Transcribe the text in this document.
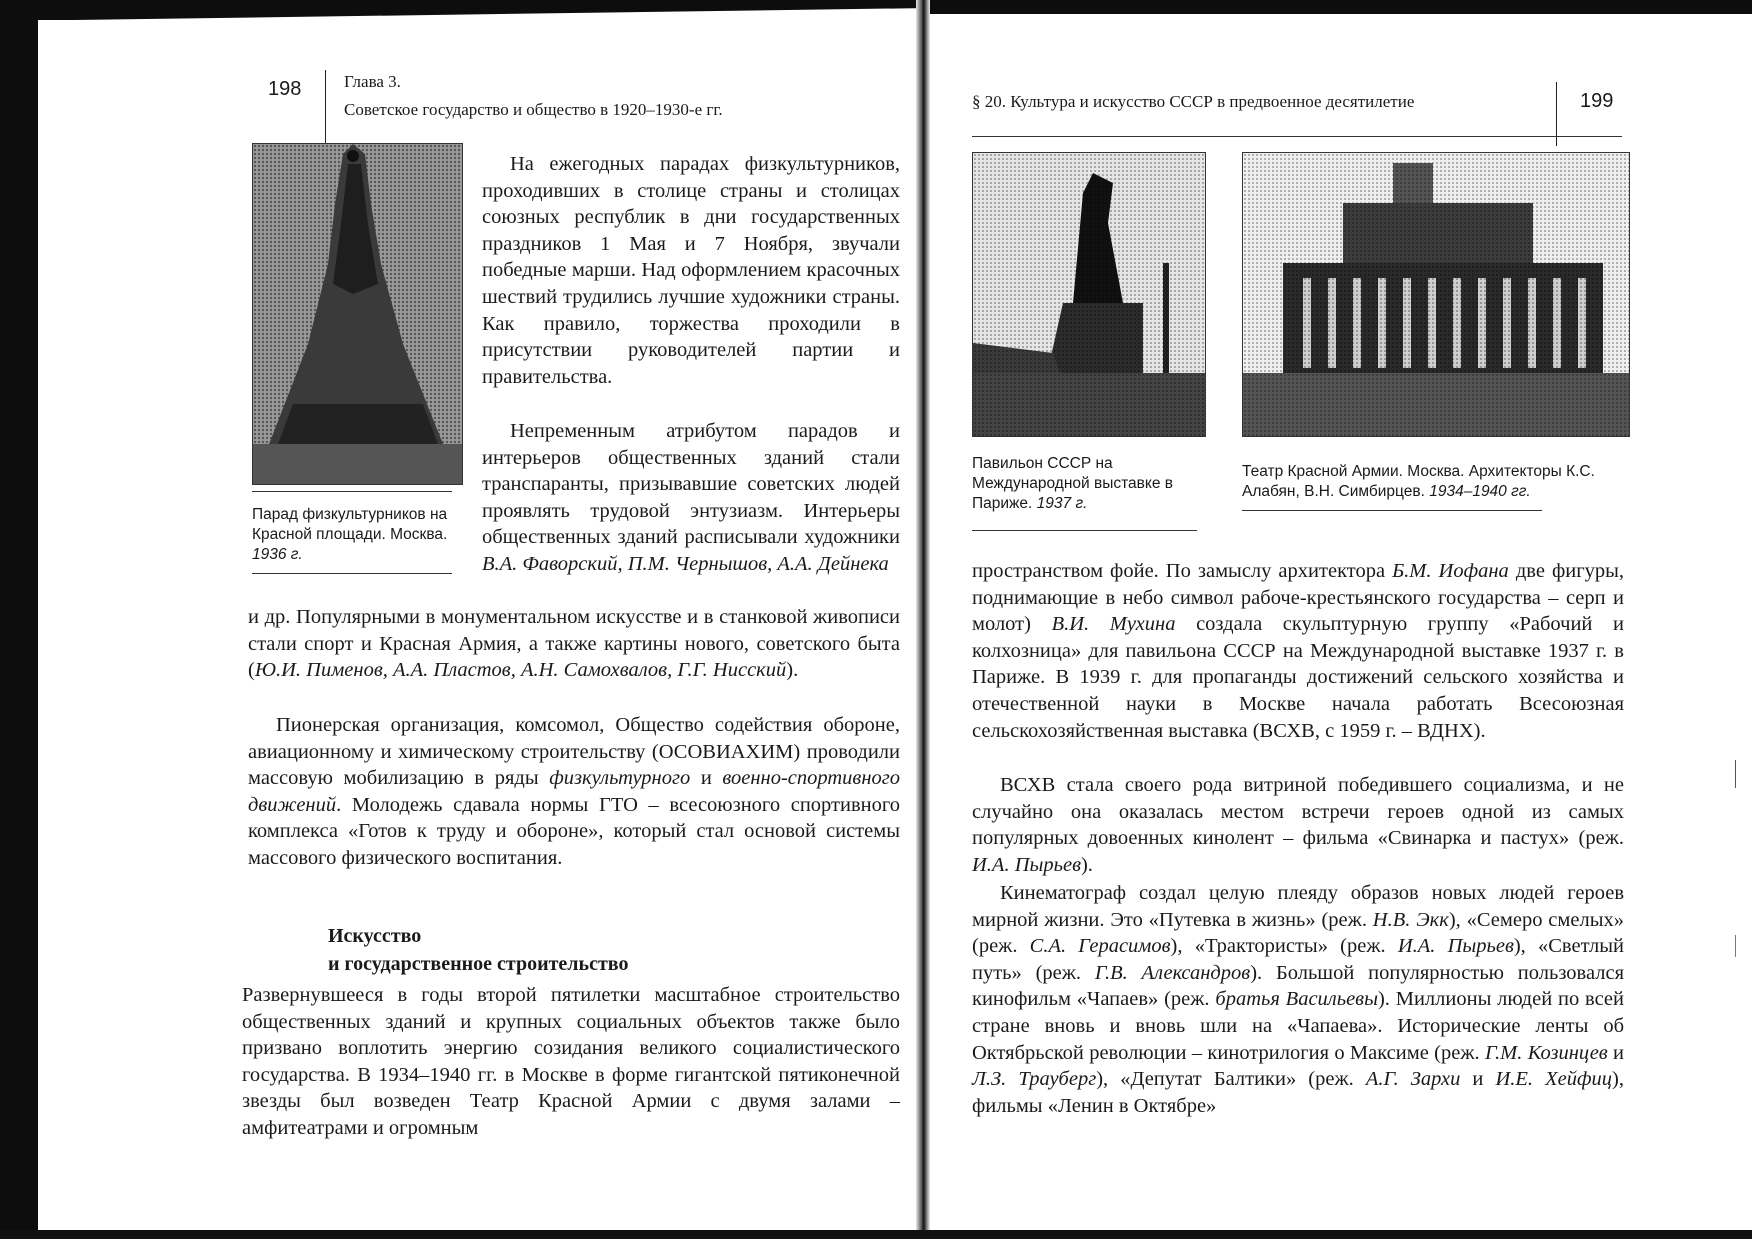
198	Глава 3.
Советское государство и общество в 1920–1930-е гг.

Парад физкультурников на Красной площади. Москва. 1936 г.

На ежегодных парадах физкультурников, проходивших в столице страны и столицах союзных республик в дни государственных праздников 1 Мая и 7 Ноября, звучали победные марши. Над оформлением красочных шествий трудились лучшие художники страны. Как правило, торжества проходили в присутствии руководителей партии и правительства.

Непременным атрибутом парадов и интерьеров общественных зданий стали транспаранты, призывавшие советских людей проявлять трудовой энтузиазм. Интерьеры общественных зданий расписывали художники В.А. Фаворский, П.М. Чернышов, А.А. Дейнека

и др. Популярными в монументальном искусстве и в станковой живописи стали спорт и Красная Армия, а также картины нового, советского быта (Ю.И. Пименов, А.А. Пластов, А.Н. Самохвалов, Г.Г. Нисский).

Пионерская организация, комсомол, Общество содействия обороне, авиационному и химическому строительству (ОСОВИАХИМ) проводили массовую мобилизацию в ряды физкультурного и военно-спортивного движений. Молодежь сдавала нормы ГТО – всесоюзного спортивного комплекса «Готов к труду и обороне», который стал основой системы массового физического воспитания.

Искусство
и государственное строительство

Развернувшееся в годы второй пятилетки масштабное строительство общественных зданий и крупных социальных объектов также было призвано воплотить энергию созидания великого социалистического государства. В 1934–1940 гг. в Москве в форме гигантской пятиконечной звезды был возведен Театр Красной Армии с двумя залами – амфитеатрами и огромным

§ 20. Культура и искусство СССР в предвоенное десятилетие	199

Павильон СССР на Международной выставке в Париже. 1937 г.

Театр Красной Армии. Москва. Архитекторы К.С. Алабян, В.Н. Симбирцев. 1934–1940 гг.

пространством фойе. По замыслу архитектора Б.М. Иофана две фигуры, поднимающие в небо символ рабоче-крестьянского государства – серп и молот) В.И. Мухина создала скульптурную группу «Рабочий и колхозница» для павильона СССР на Международной выставке 1937 г. в Париже. В 1939 г. для пропаганды достижений сельского хозяйства и отечественной науки в Москве начала работать Всесоюзная сельскохозяйственная выставка (ВСХВ, с 1959 г. – ВДНХ).

ВСХВ стала своего рода витриной победившего социализма, и не случайно она оказалась местом встречи героев одной из самых популярных довоенных кинолент – фильма «Свинарка и пастух» (реж. И.А. Пырьев).

Кинематограф создал целую плеяду образов новых людей героев мирной жизни. Это «Путевка в жизнь» (реж. Н.В. Экк), «Семеро смелых» (реж. С.А. Герасимов), «Трактористы» (реж. И.А. Пырьев), «Светлый путь» (реж. Г.В. Александров). Большой популярностью пользовался кинофильм «Чапаев» (реж. братья Васильевы). Миллионы людей по всей стране вновь и вновь шли на «Чапаева». Исторические ленты об Октябрьской революции – кинотрилогия о Максиме (реж. Г.М. Козинцев и Л.З. Трауберг), «Депутат Балтики» (реж. А.Г. Зархи и И.Е. Хейфиц), фильмы «Ленин в Октябре»
